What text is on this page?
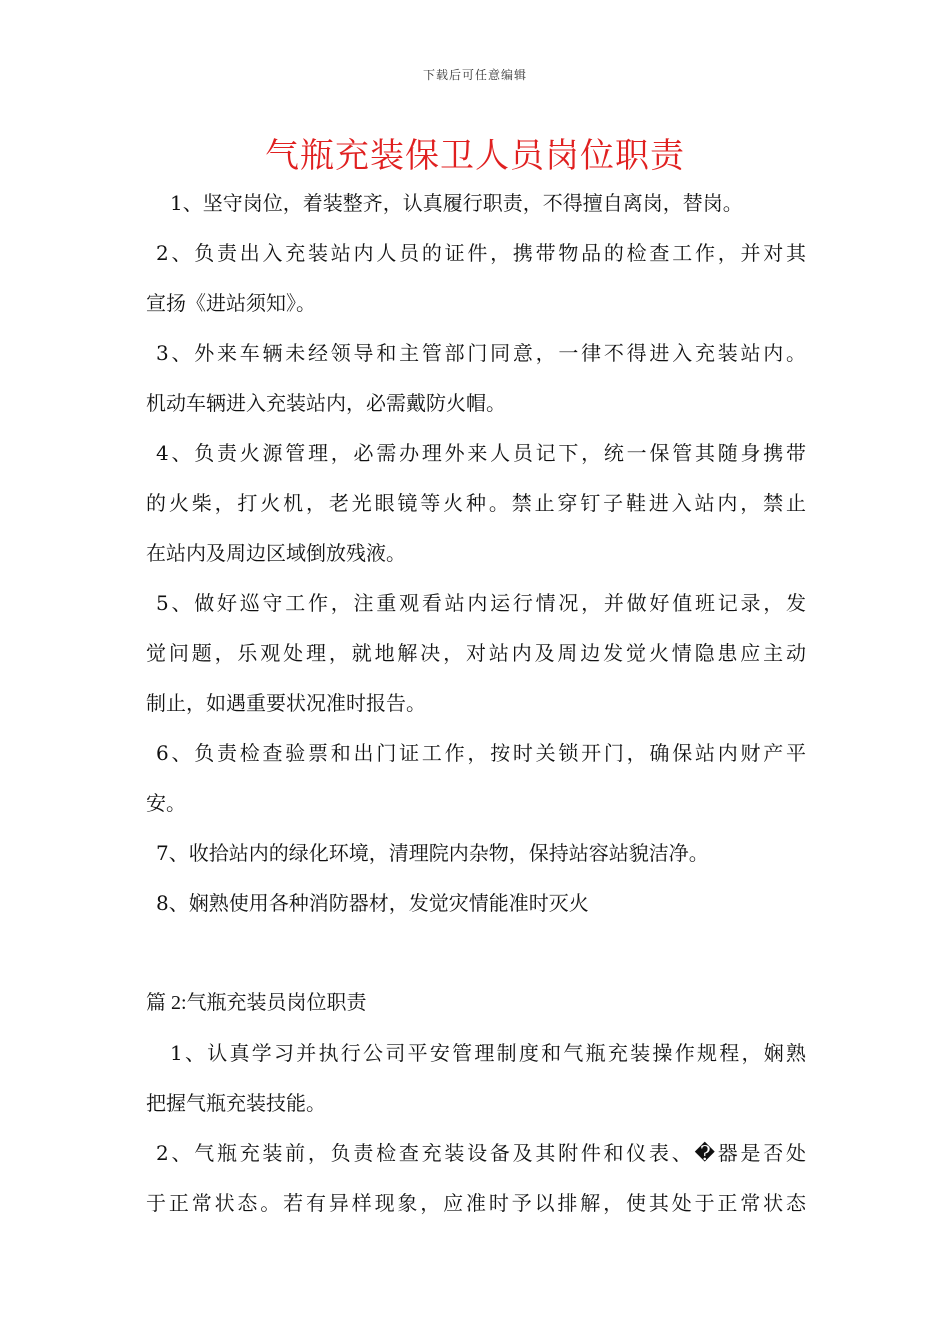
下载后可任意编辑
气瓶充装保卫人员岗位职责
1、坚守岗位，着装整齐，认真履行职责，不得擅自离岗，替岗。
2、负责出入充装站内人员的证件，携带物品的检查工作，并对其
宣扬《进站须知》。
3、外来车辆未经领导和主管部门同意，一律不得进入充装站内。
机动车辆进入充装站内，必需戴防火帽。
4、负责火源管理，必需办理外来人员记下，统一保管其随身携带
的火柴，打火机，老光眼镜等火种。禁止穿钉子鞋进入站内，禁止
在站内及周边区域倒放残液。
5、做好巡守工作，注重观看站内运行情况，并做好值班记录，发
觉问题，乐观处理，就地解决，对站内及周边发觉火情隐患应主动
制止，如遇重要状况准时报告。
6、负责检查验票和出门证工作，按时关锁开门，确保站内财产平
安。
7、收拾站内的绿化环境，清理院内杂物，保持站容站貌洁净。
8、娴熟使用各种消防器材，发觉灾情能准时灭火
篇 2:气瓶充装员岗位职责
1、认真学习并执行公司平安管理制度和气瓶充装操作规程，娴熟
把握气瓶充装技能。
2、气瓶充装前，负责检查充装设备及其附件和仪表、�器是否处
于正常状态。若有异样现象，应准时予以排解，使其处于正常状态
